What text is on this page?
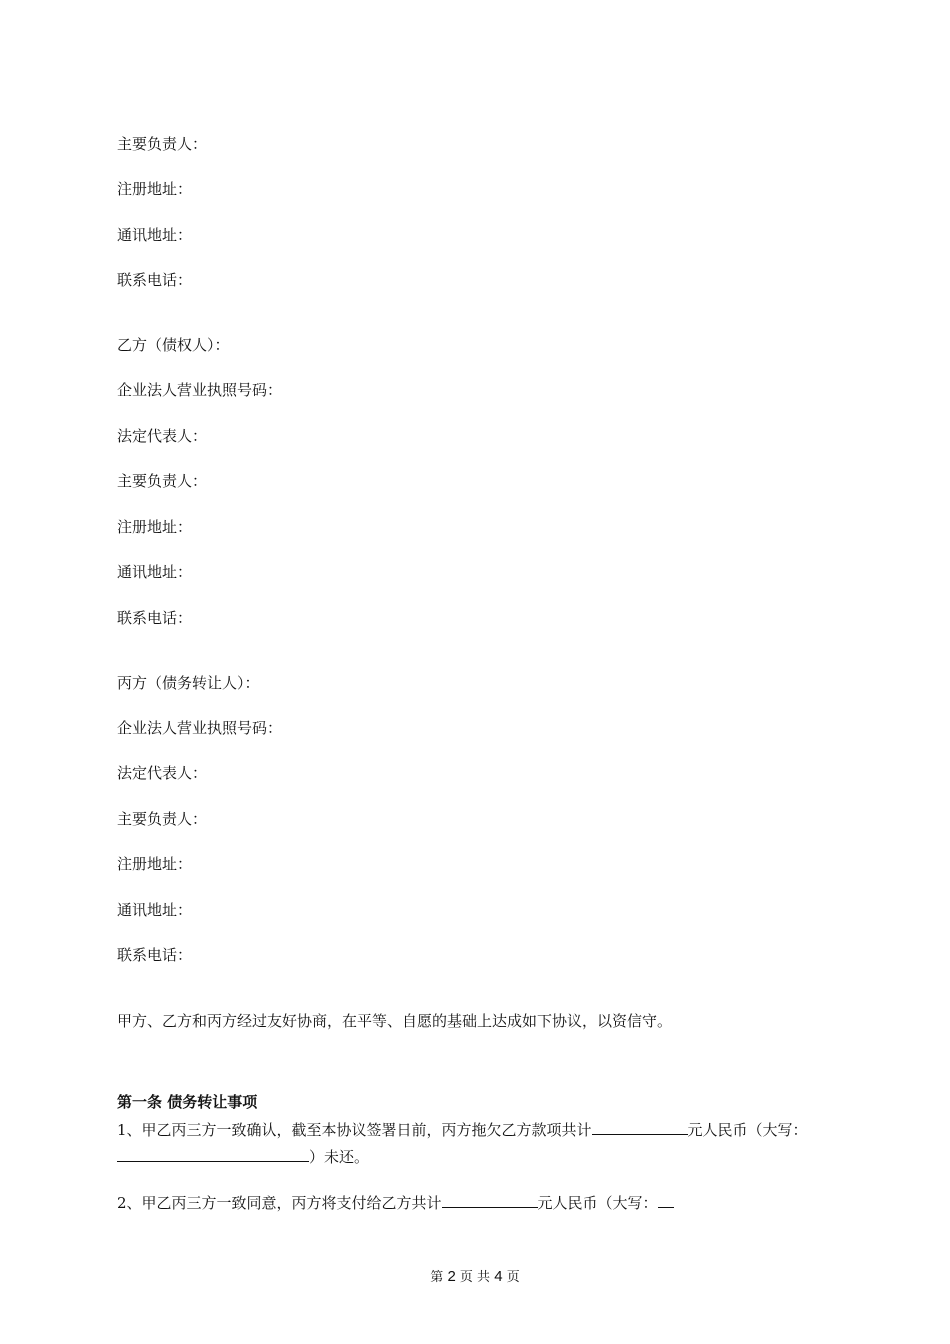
主要负责人：
注册地址：
通讯地址：
联系电话：
乙方（债权人）：
企业法人营业执照号码：
法定代表人：
主要负责人：
注册地址：
通讯地址：
联系电话：
丙方（债务转让人）：
企业法人营业执照号码：
法定代表人：
主要负责人：
注册地址：
通讯地址：
联系电话：
甲方、乙方和丙方经过友好协商，在平等、自愿的基础上达成如下协议，以资信守。
第一条 债务转让事项
1、甲乙丙三方一致确认，截至本协议签署日前，丙方拖欠乙方款项共计	元人民币（大写：
）未还。
2、甲乙丙三方一致同意，丙方将支付给乙方共计	元人民币（大写：
第 2 页 共 4 页
